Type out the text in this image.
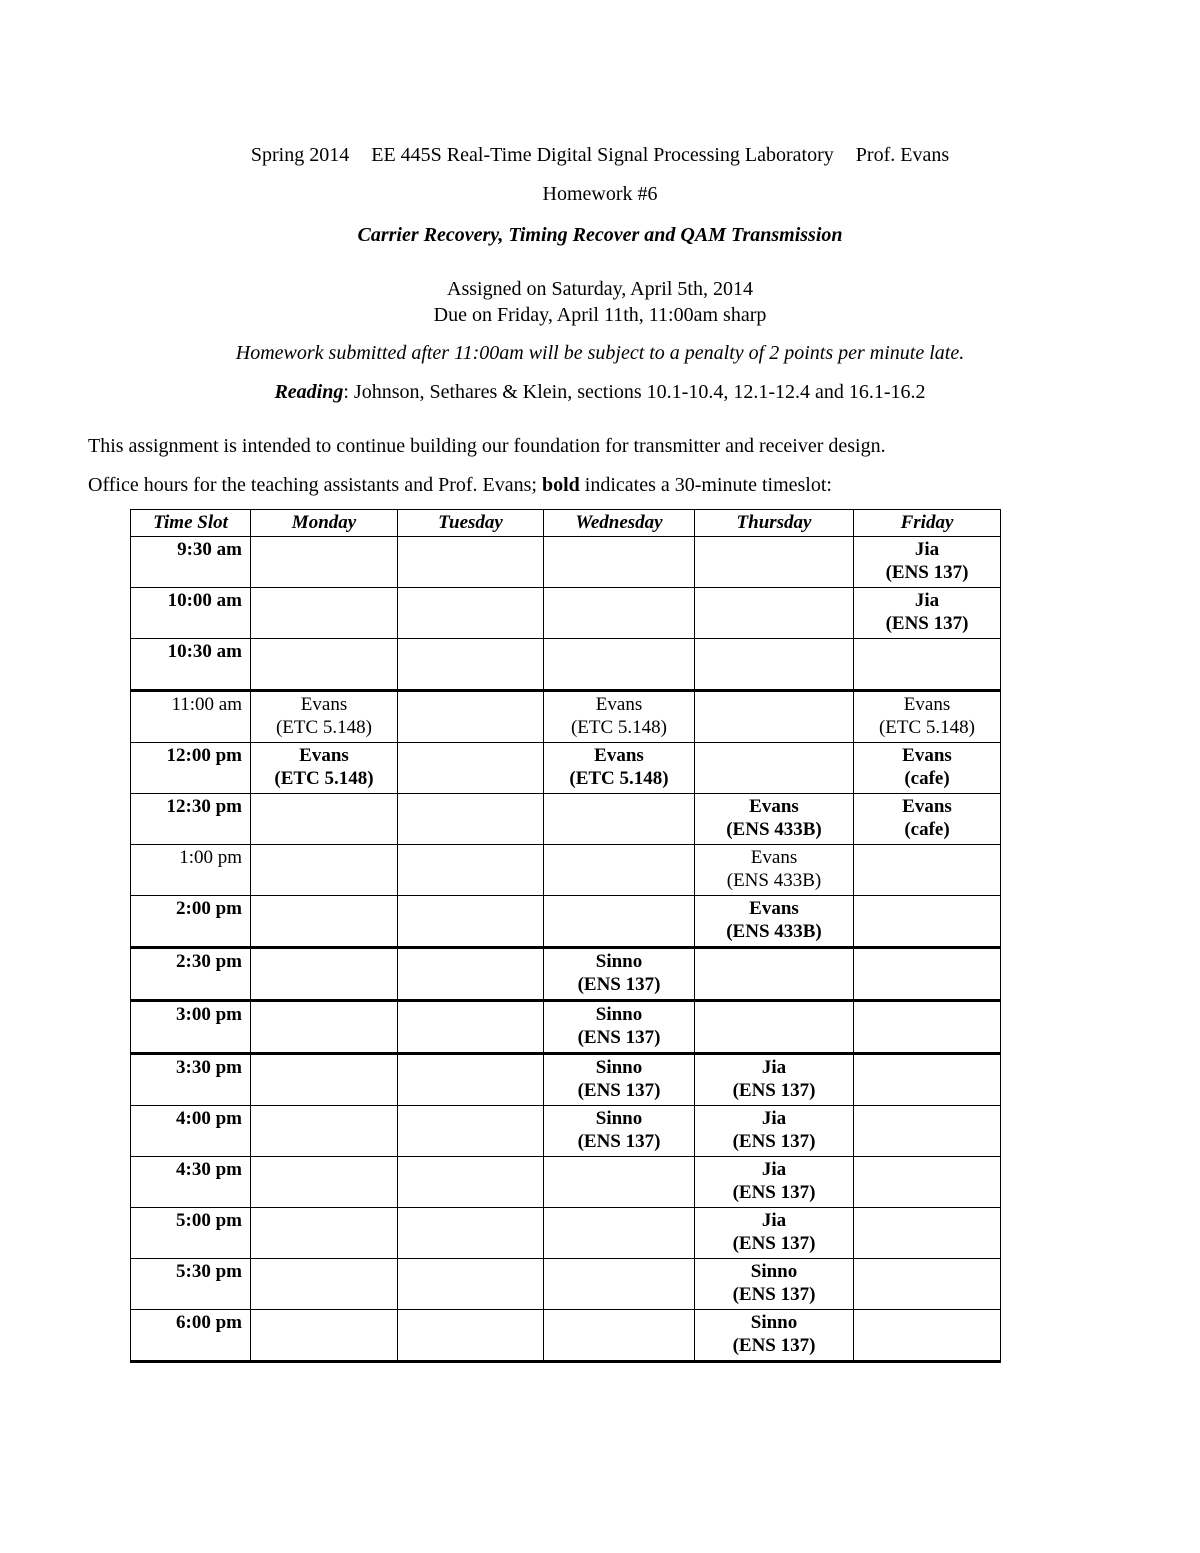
Spring 2014 EE 445S Real-Time Digital Signal Processing Laboratory Prof. Evans
Homework #6
Carrier Recovery, Timing Recover and QAM Transmission
Assigned on Saturday, April 5th, 2014
Due on Friday, April 11th, 11:00am sharp
Homework submitted after 11:00am will be subject to a penalty of 2 points per minute late.
Reading: Johnson, Sethares & Klein, sections 10.1-10.4, 12.1-12.4 and 16.1-16.2
This assignment is intended to continue building our foundation for transmitter and receiver design.
Office hours for the teaching assistants and Prof. Evans; bold indicates a 30-minute timeslot:
Time Slot	Monday	Tuesday	Wednesday	Thursday	Friday
9:30 am					Jia
(ENS 137)

10:00 am					Jia
(ENS 137)

10:30 am					
11:00 am	Evans
(ETC 5.148)		Evans
(ETC 5.148)		Evans
(ETC 5.148)

12:00 pm	Evans
(ETC 5.148)		Evans
(ETC 5.148)		Evans
(cafe)

12:30 pm				Evans
(ENS 433B)	Evans
(cafe)

1:00 pm				Evans
(ENS 433B)	

2:00 pm				Evans
(ENS 433B)	

2:30 pm			Sinno
(ENS 137)		

3:00 pm			Sinno
(ENS 137)		

3:30 pm			Sinno
(ENS 137)	Jia
(ENS 137)	

4:00 pm			Sinno
(ENS 137)	Jia
(ENS 137)	

4:30 pm				Jia
(ENS 137)	

5:00 pm				Jia
(ENS 137)	

5:30 pm				Sinno
(ENS 137)	

6:00 pm				Sinno
(ENS 137)	
